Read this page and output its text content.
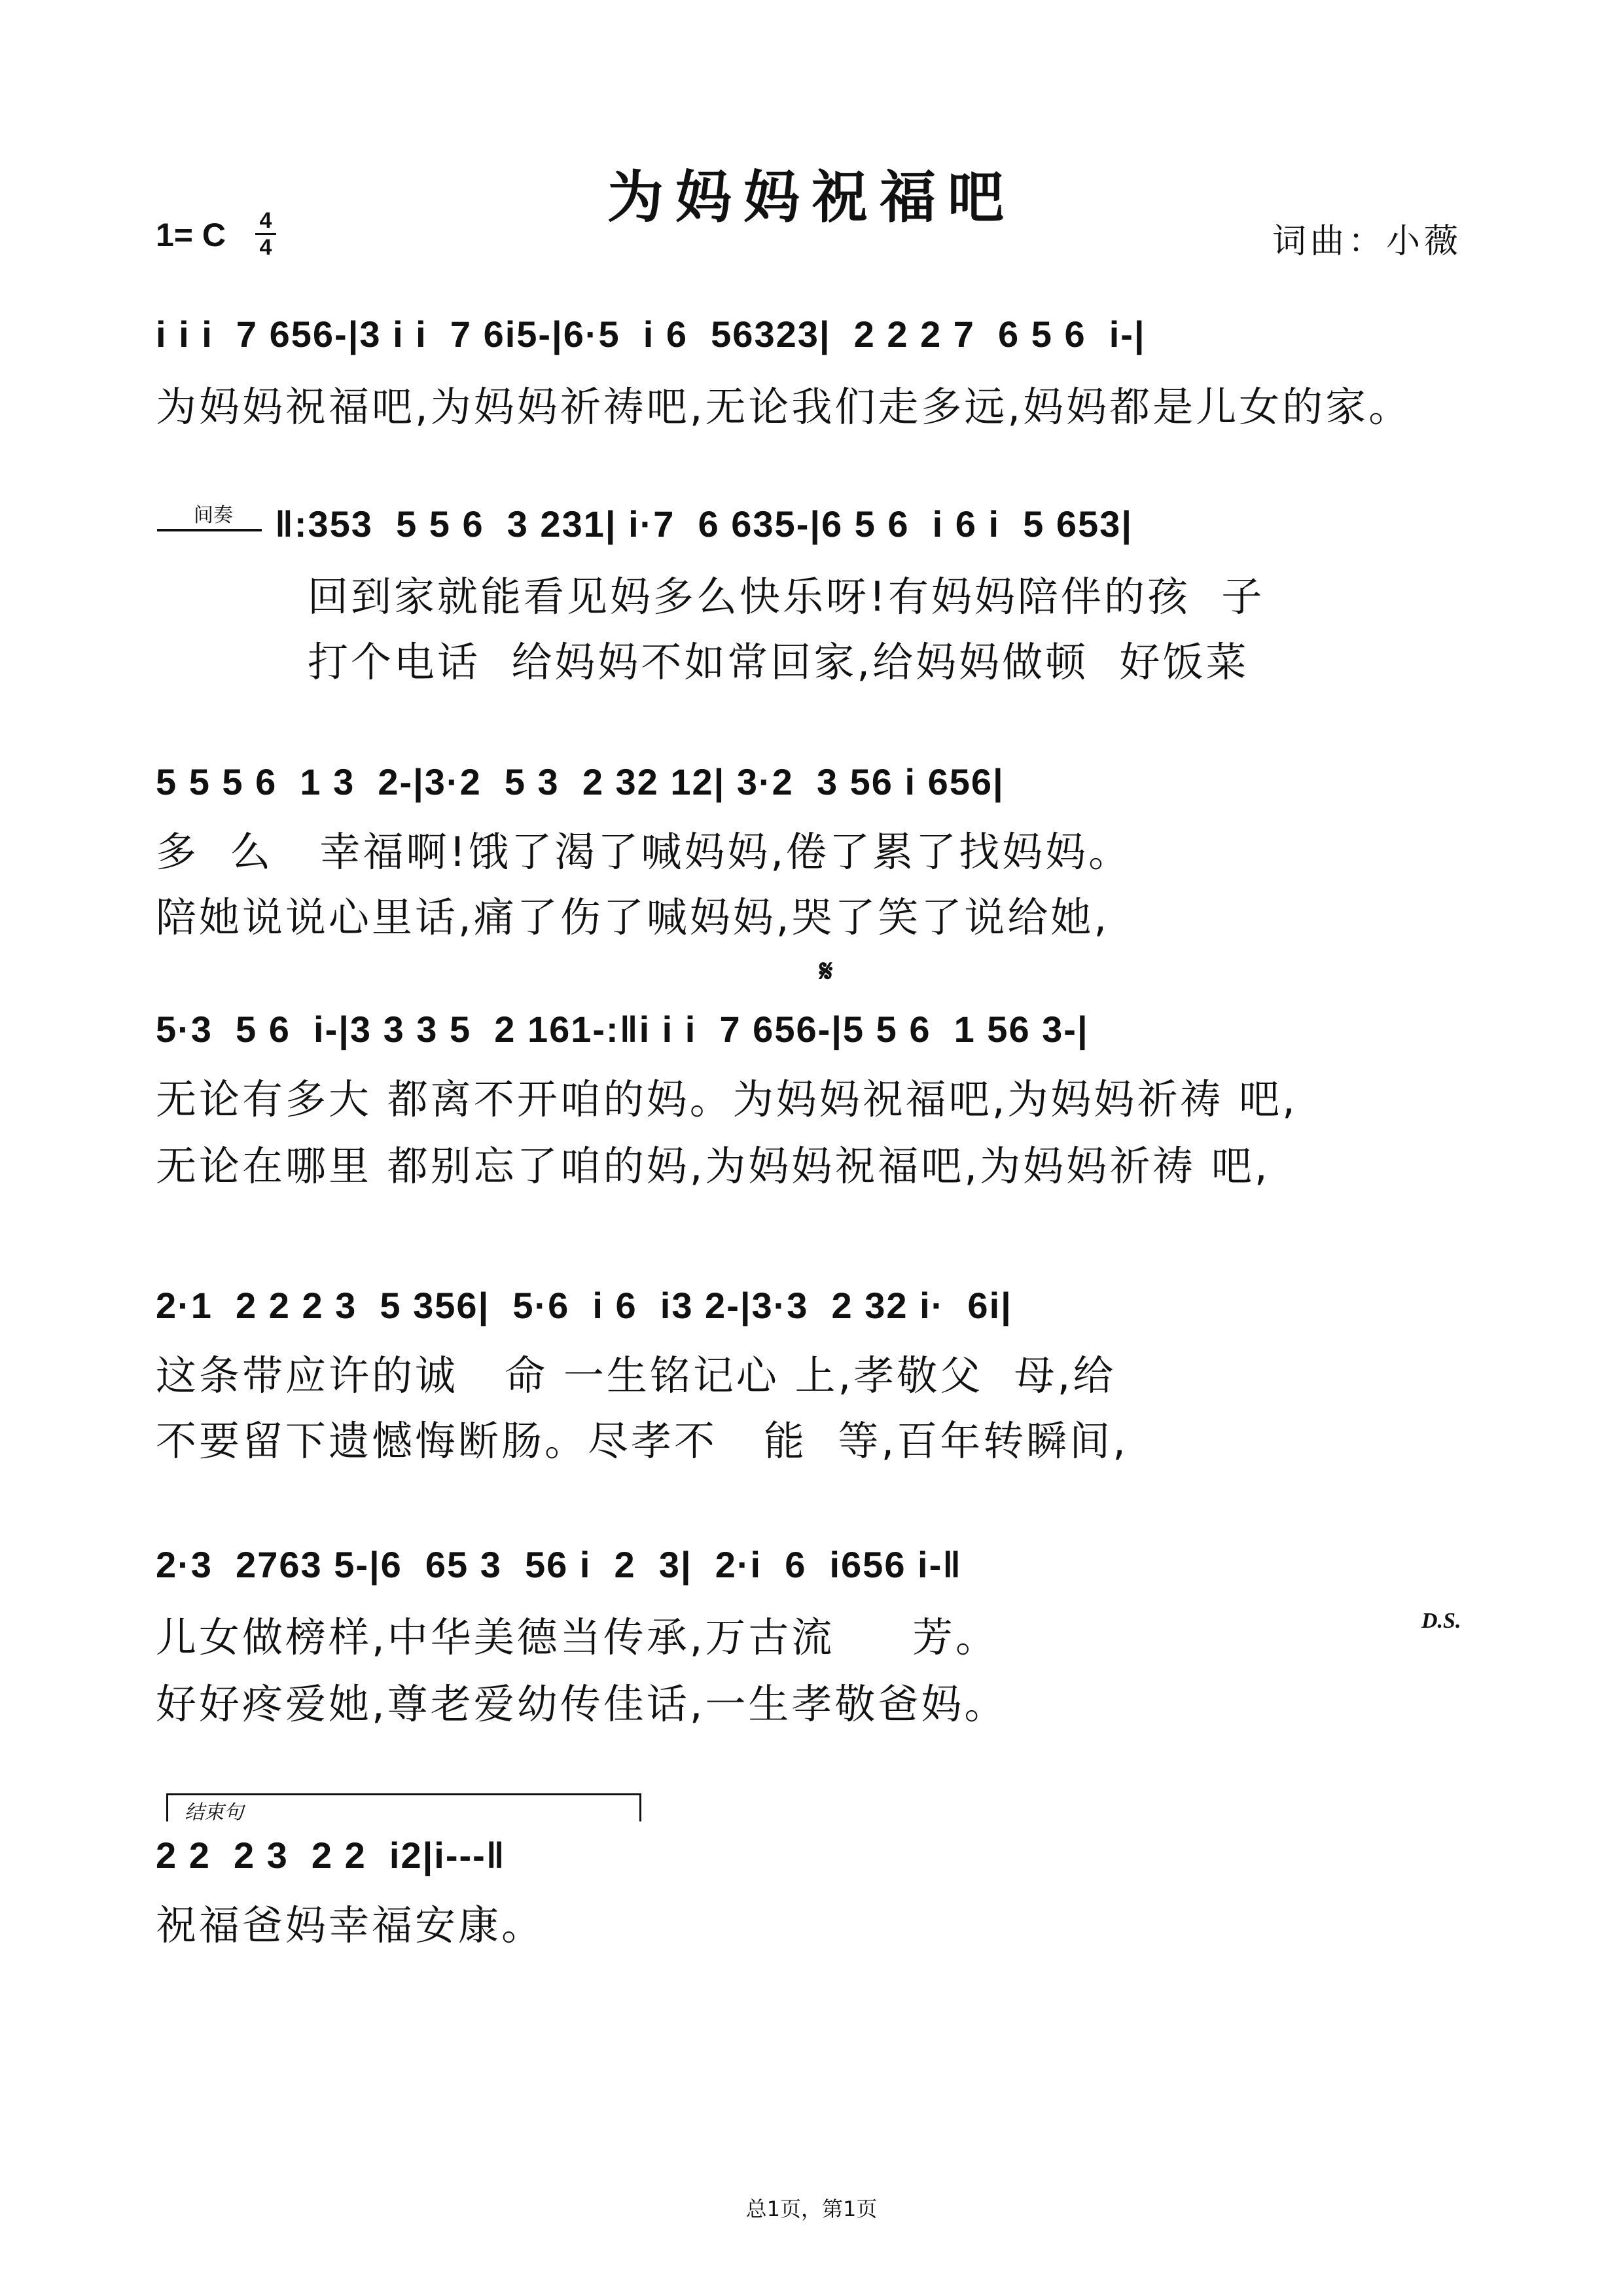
为妈妈祝福吧
1= C	4
4	词曲：小薇
i i i  7 656-|3 i i  7 6i5-|6·5  i 6  56323|  2 2 2 7  6 5 6  i-|
为妈妈祝福吧,为妈妈祈祷吧,无论我们走多远,妈妈都是儿女的家。
间奏 ‖:353  5 5 6  3 231| i·7  6 635-|6 5 6  i 6 i  5 653|
回到家就能看见妈多么快乐呀!有妈妈陪伴的孩  子
打个电话  给妈妈不如常回家,给妈妈做顿  好饭菜
5 5 5 6  1 3  2-|3·2  5 3  2 32 12| 3·2  3 56 i 656|
多  么   幸福啊!饿了渴了喊妈妈,倦了累了找妈妈。
陪她说说心里话,痛了伤了喊妈妈,哭了笑了说给她,
𝄋
5·3  5 6  i-|3 3 3 5  2 161-:‖i i i  7 656-|5 5 6  1 56 3-|
无论有多大 都离不开咱的妈。为妈妈祝福吧,为妈妈祈祷 吧,
无论在哪里 都别忘了咱的妈,为妈妈祝福吧,为妈妈祈祷 吧,
2·1  2 2 2 3  5 356|  5·6  i 6  i3 2-|3·3  2 32 i·  6i|
这条带应许的诚   命 一生铭记心 上,孝敬父  母,给
不要留下遗憾悔断肠。尽孝不   能  等,百年转瞬间,
2·3  2763 5-|6  65 3  56 i  2  3|  2·i  6  i656 i-‖
儿女做榜样,中华美德当传承,万古流     芳。	D.S.
好好疼爱她,尊老爱幼传佳话,一生孝敬爸妈。
结束句
2 2  2 3  2 2  i2|i---‖
祝福爸妈幸福安康。
总1页，第1页
